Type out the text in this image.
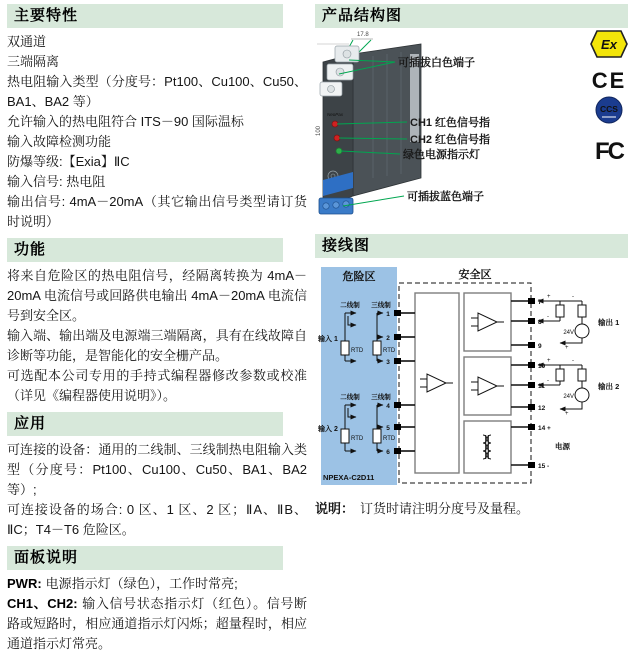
主要特性

双通道

三端隔离

热电阻输入类型（分度号：Pt100、Cu100、Cu50、BA1、BA2 等）

允许输入的热电阻符合 ITS－90 国际温标

输入故障检测功能

防爆等级:【Exia】ⅡC

输入信号: 热电阻

输出信号: 4mA－20mA（其它输出信号类型请订货时说明）

功能

将来自危险区的热电阻信号，经隔离转换为 4mA－20mA 电流信号或回路供电输出 4mA－20mA 电流信号到安全区。

输入端、输出端及电源端三端隔离，具有在线故障自诊断等功能，是智能化的安全栅产品。

可选配本公司专用的手持式编程器修改参数或校准（详见《编程器使用说明》）。

应用

可连接的设备：通用的二线制、三线制热电阻输入类型（分度号：Pt100、Cu100、Cu50、BA1、BA2 等）;

可连接设备的场合: 0 区、1 区、2 区；ⅡA、ⅡB、ⅡC；T4－T6 危险区。

面板说明

PWR: 电源指示灯（绿色），工作时常亮;

CH1、CH2: 输入信号状态指示灯（红色）。信号断路或短路时，相应通道指示灯闪烁；超量程时，相应通道指示灯常亮。

产品结构图
17.8
100
NeoPax
可插拔白色端子
CH1 红色信号指
CH2 红色信号指
绿色电源指示灯
可插拔蓝色端子
Ex
CE
CCS
FC
接线图
危险区	安全区
二线制 三线制
RTD	RTD
输入 1
二线制 三线制
RTD	RTD
输入 2
1
2
3
4
5
6
7
8
9
10
11
12
14 +
15 -
+	-
-
24V
+
输出 1
+	-
-
24V
+
输出 2
电源
NPEXA-C2D11

说明： 订货时请注明分度号及量程。
